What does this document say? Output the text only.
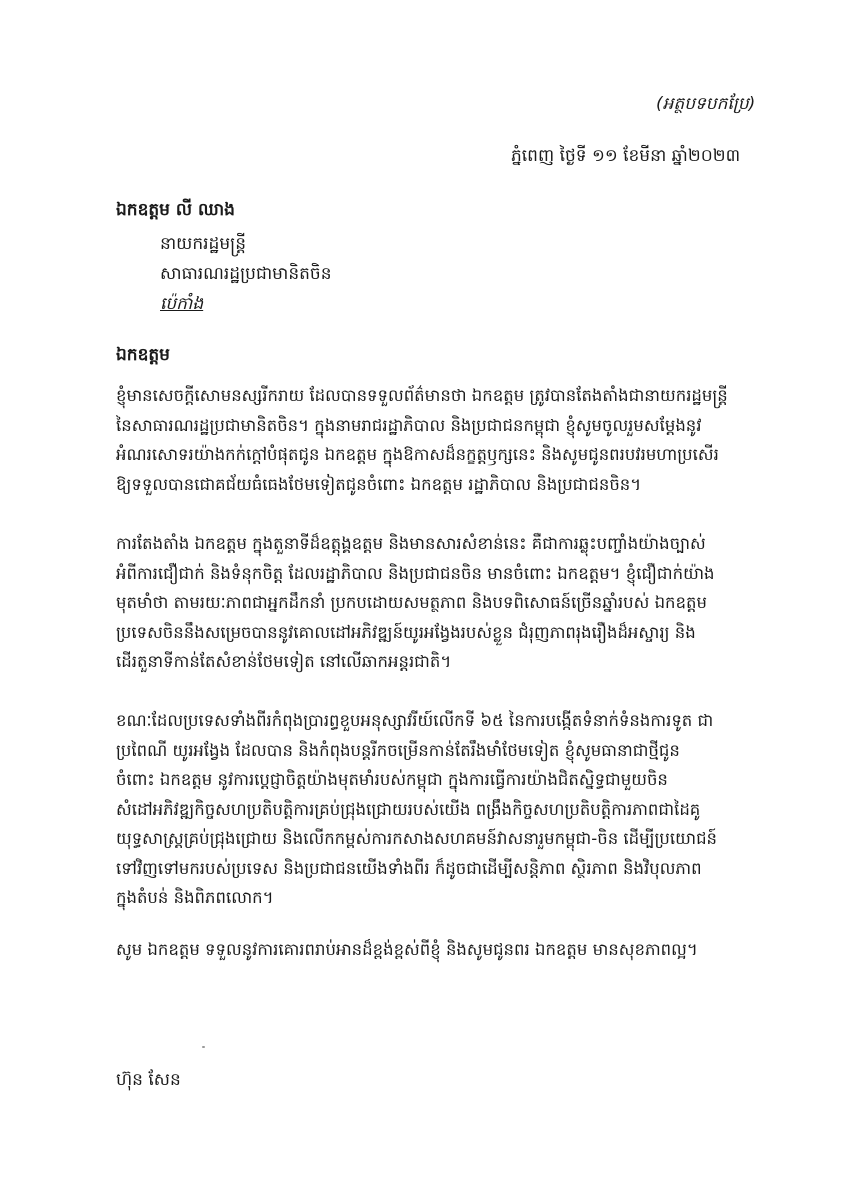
(អត្ថបទបកប្រែ)
ភ្នំពេញ ថ្ងៃទី ១១ ខែមីនា ឆ្នាំ២០២៣
ឯកឧត្តម លី ឈាង
នាយករដ្ឋមន្ត្រី
សាធារណរដ្ឋប្រជាមានិតចិន
ប៉េកាំង
ឯកឧត្តម
ខ្ញុំមានសេចក្តីសោមនស្សរីករាយ ដែលបានទទួលព័ត៌មានថា ឯកឧត្តម ត្រូវបានតែងតាំងជានាយករដ្ឋមន្ត្រី
នៃសាធារណរដ្ឋប្រជាមានិតចិន។ ក្នុងនាមរាជរដ្ឋាភិបាល និងប្រជាជនកម្ពុជា ខ្ញុំសូមចូលរួមសម្តែងនូវ
អំណរសោទរយ៉ាងកក់ក្តៅបំផុតជូន ឯកឧត្តម ក្នុងឱកាសដ៏នក្ខត្តឫក្សនេះ និងសូមជូនពរបវរមហាប្រសើរ
ឱ្យទទួលបានជោគជ័យធំធេងថែមទៀតជូនចំពោះ ឯកឧត្តម រដ្ឋាភិបាល និងប្រជាជនចិន។
ការតែងតាំង ឯកឧត្តម ក្នុងតួនាទីដ៏ឧត្តុង្គឧត្តម និងមានសារសំខាន់នេះ គឺជាការឆ្លុះបញ្ចាំងយ៉ាងច្បាស់
អំពីការជឿជាក់ និងទំនុកចិត្ត ដែលរដ្ឋាភិបាល និងប្រជាជនចិន មានចំពោះ ឯកឧត្តម។ ខ្ញុំជឿជាក់យ៉ាង
មុតមាំថា តាមរយៈភាពជាអ្នកដឹកនាំ ប្រកបដោយសមត្ថភាព និងបទពិសោធន៍ច្រើនឆ្នាំរបស់ ឯកឧត្តម
ប្រទេសចិននឹងសម្រេចបាននូវគោលដៅអភិវឌ្ឍន៍យូរអង្វែងរបស់ខ្លួន ជំរុញភាពរុងរឿងដ៏អស្ចារ្យ និង
ដើរតួនាទីកាន់តែសំខាន់ថែមទៀត នៅលើឆាកអន្តរជាតិ។
ខណៈដែលប្រទេសទាំងពីរកំពុងប្រារព្ធខួបអនុស្សាវរីយ៍លើកទី ៦៥ នៃការបង្កើតទំនាក់ទំនងការទូត ជា
ប្រពៃណី យូរអង្វែង ដែលបាន និងកំពុងបន្តរីកចម្រើនកាន់តែរឹងមាំថែមទៀត ខ្ញុំសូមធានាជាថ្មីជូន
ចំពោះ ឯកឧត្តម នូវការប្តេជ្ញាចិត្តយ៉ាងមុតមាំរបស់កម្ពុជា ក្នុងការធ្វើការយ៉ាងជិតស្និទ្ធជាមួយចិន
សំដៅអភិវឌ្ឍកិច្ចសហប្រតិបត្តិការគ្រប់ជ្រុងជ្រោយរបស់យើង ពង្រឹងកិច្ចសហប្រតិបត្តិការភាពជាដៃគូ
យុទ្ធសាស្រ្តគ្រប់ជ្រុងជ្រោយ និងលើកកម្ពស់ការកសាងសហគមន៍វាសនារួមកម្ពុជា-ចិន ដើម្បីប្រយោជន៍
ទៅវិញទៅមករបស់ប្រទេស និងប្រជាជនយើងទាំងពីរ ក៏ដូចជាដើម្បីសន្តិភាព ស្ថិរភាព និងវិបុលភាព
ក្នុងតំបន់ និងពិភពលោក។
សូម ឯកឧត្តម ទទួលនូវការគោរពរាប់អានដ៏ខ្ពង់ខ្ពស់ពីខ្ញុំ និងសូមជូនពរ ឯកឧត្តម មានសុខភាពល្អ។
ហ៊ុន សែន
